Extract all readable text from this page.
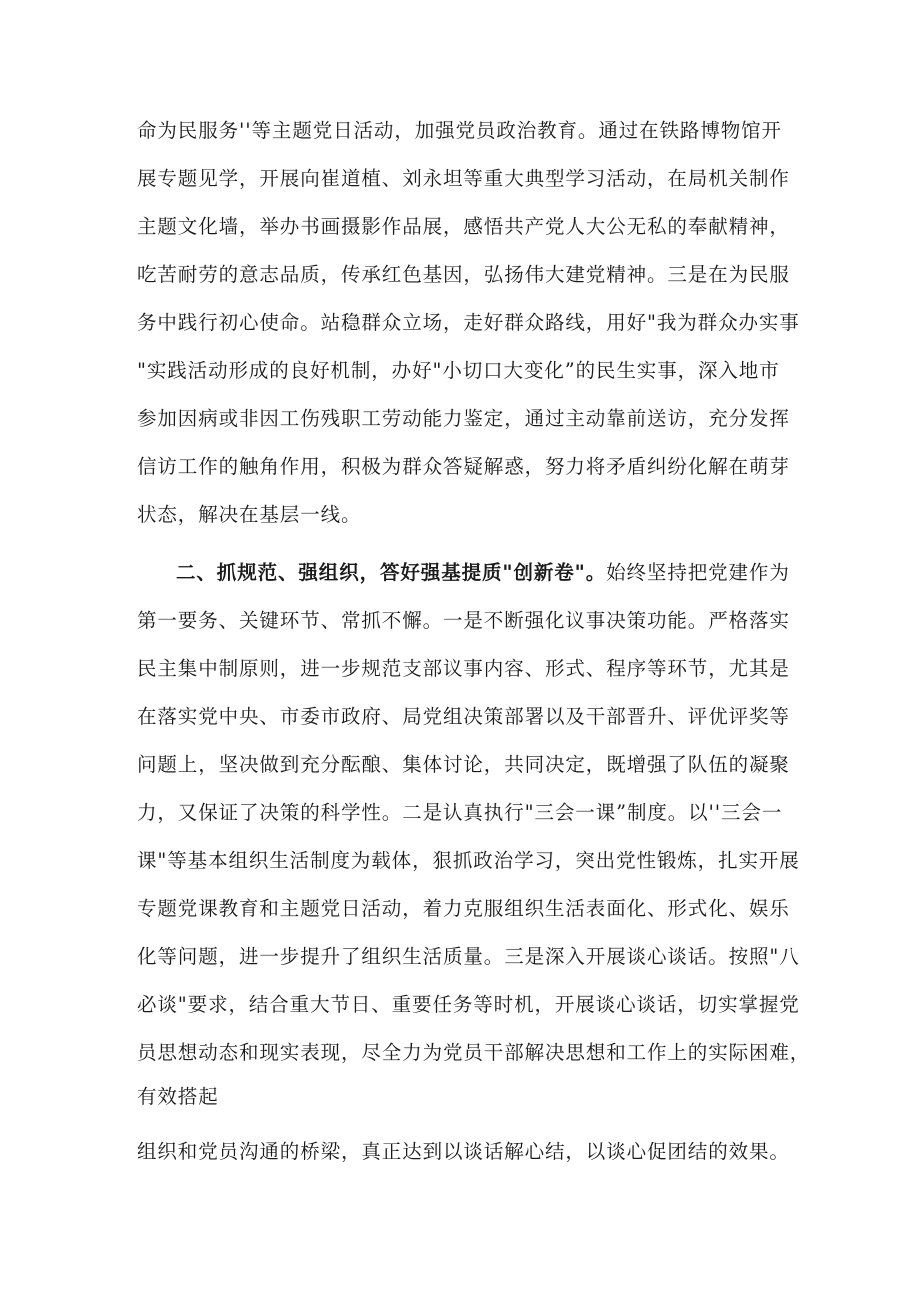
命为民服务''等主题党日活动，加强党员政治教育。通过在铁路博物馆开
展专题见学，开展向崔道植、刘永坦等重大典型学习活动，在局机关制作
主题文化墙，举办书画摄影作品展，感悟共产党人大公无私的奉献精神，
吃苦耐劳的意志品质，传承红色基因，弘扬伟大建党精神。三是在为民服
务中践行初心使命。站稳群众立场，走好群众路线，用好"我为群众办实事
"实践活动形成的良好机制，办好"小切口大变化”的民生实事，深入地市
参加因病或非因工伤残职工劳动能力鉴定，通过主动靠前送访，充分发挥
信访工作的触角作用，积极为群众答疑解惑，努力将矛盾纠纷化解在萌芽
状态，解决在基层一线。
二、抓规范、强组织，答好强基提质"创新卷"。始终坚持把党建作为
第一要务、关键环节、常抓不懈。一是不断强化议事决策功能。严格落实
民主集中制原则，进一步规范支部议事内容、形式、程序等环节，尤其是
在落实党中央、市委市政府、局党组决策部署以及干部晋升、评优评奖等
问题上，坚决做到充分酝酿、集体讨论，共同决定，既增强了队伍的凝聚
力，又保证了决策的科学性。二是认真执行"三会一课”制度。以''三会一
课"等基本组织生活制度为载体，狠抓政治学习，突出党性锻炼，扎实开展
专题党课教育和主题党日活动，着力克服组织生活表面化、形式化、娱乐
化等问题，进一步提升了组织生活质量。三是深入开展谈心谈话。按照"八
必谈"要求，结合重大节日、重要任务等时机，开展谈心谈话，切实掌握党
员思想动态和现实表现，尽全力为党员干部解决思想和工作上的实际困难，
有效搭起
组织和党员沟通的桥梁，真正达到以谈话解心结，以谈心促团结的效果。
